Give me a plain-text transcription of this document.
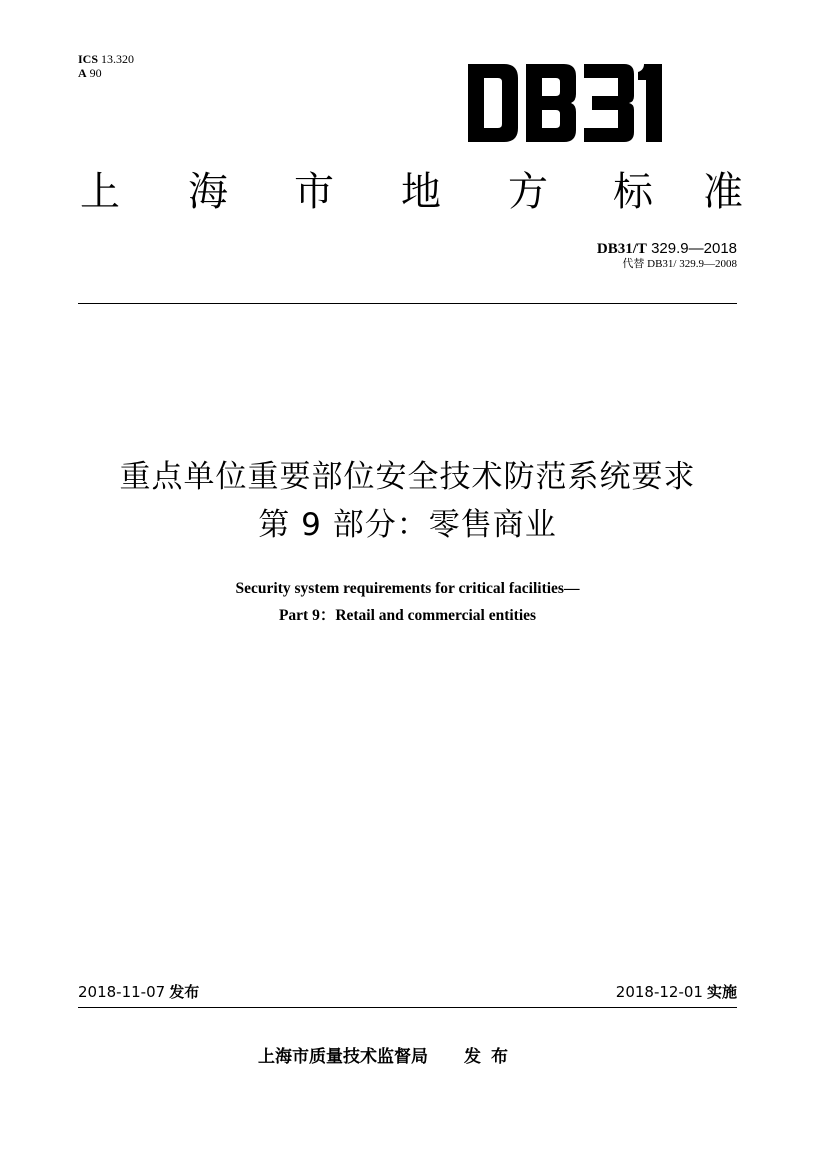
ICS 13.320
A 90
上 海 市 地 方 标 准
DB31/T 329.9—2018
代替 DB31/ 329.9—2008
重点单位重要部位安全技术防范系统要求
第 9 部分：零售商业
Security system requirements for critical facilities—
Part 9：Retail and commercial entities
2018-11-07 发布	2018-12-01 实施
上海市质量技术监督局 发布
